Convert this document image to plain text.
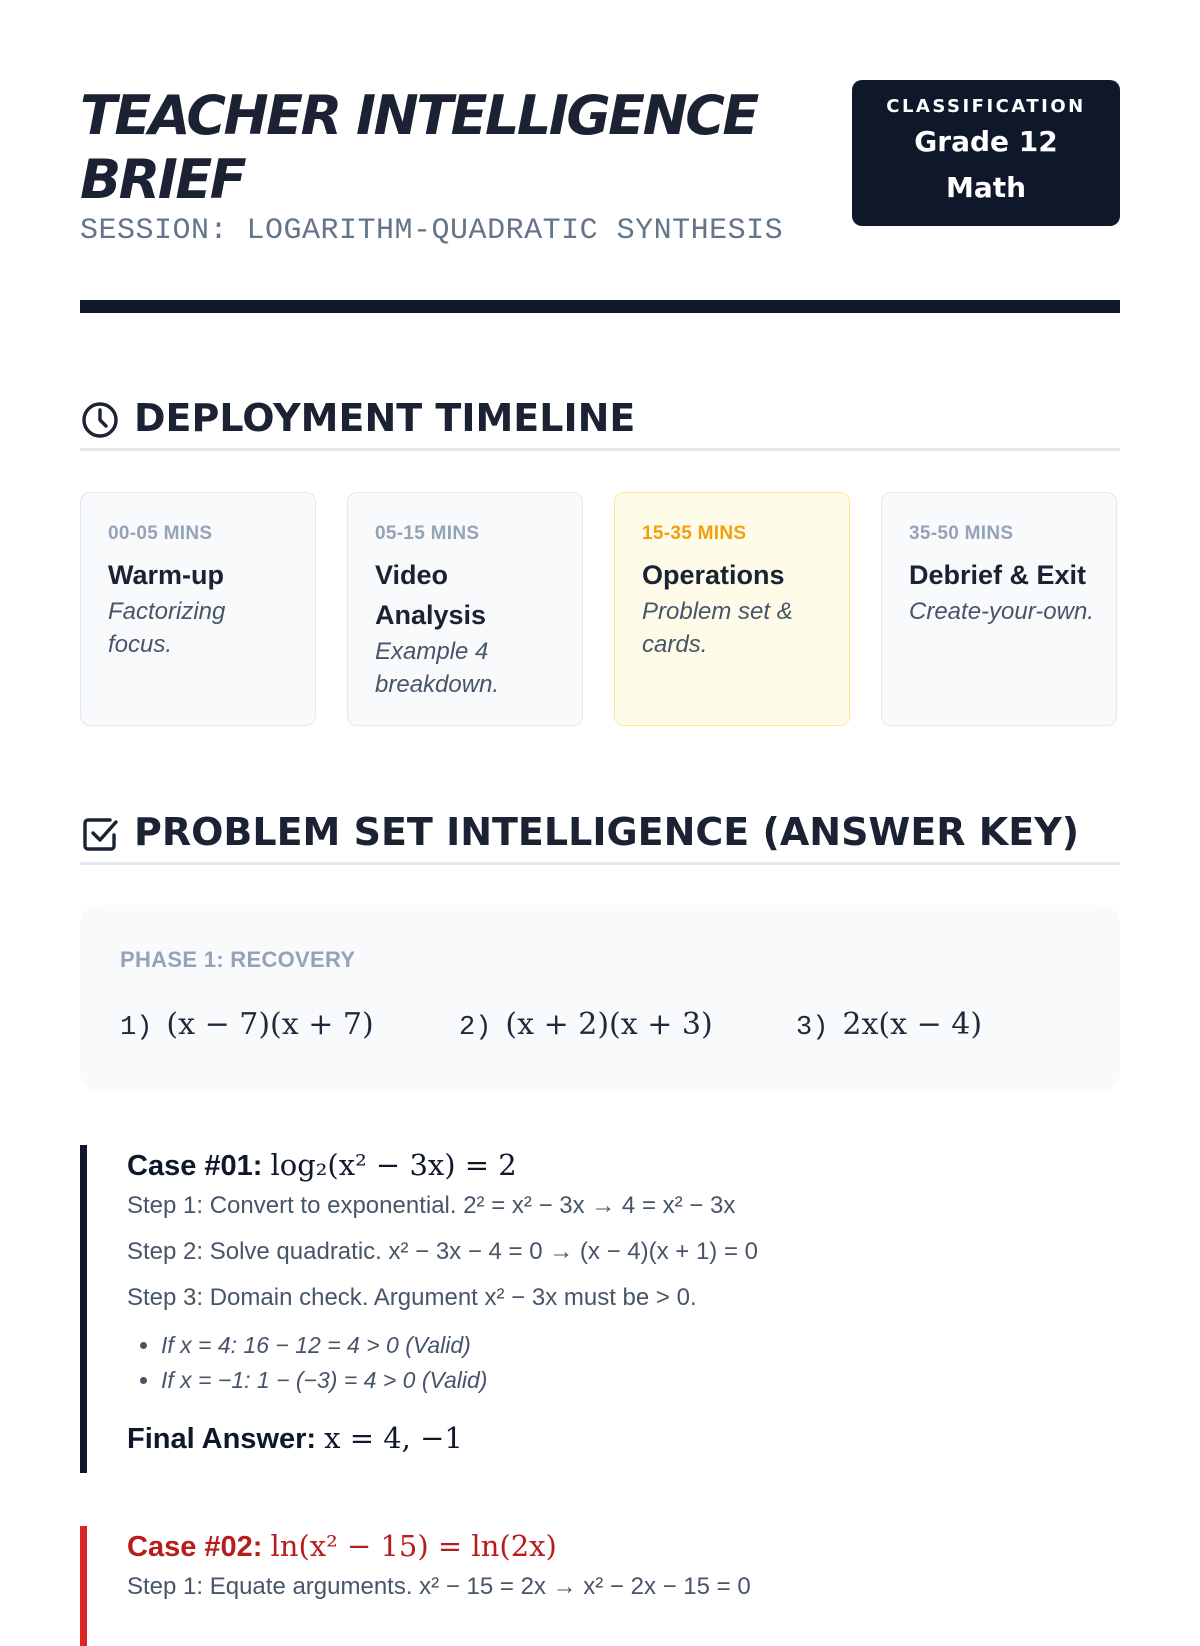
TEACHER INTELLIGENCE BRIEF
SESSION: LOGARITHM-QUADRATIC SYNTHESIS
CLASSIFICATION
Grade 12
Math
DEPLOYMENT TIMELINE
00-05 MINS
Warm-up
Factorizing focus.
05-15 MINS
Video Analysis
Example 4 breakdown.
15-35 MINS
Operations
Problem set & cards.
35-50 MINS
Debrief & Exit
Create-your-own.
PROBLEM SET INTELLIGENCE (ANSWER KEY)
PHASE 1: RECOVERY
1) (x − 7)(x + 7)	2) (x + 2)(x + 3)	3) 2x(x − 4)
Case #01: log₂(x² − 3x) = 2
Step 1: Convert to exponential. 2² = x² − 3x → 4 = x² − 3x
Step 2: Solve quadratic. x² − 3x − 4 = 0 → (x − 4)(x + 1) = 0
Step 3: Domain check. Argument x² − 3x must be > 0.
• If x = 4: 16 − 12 = 4 > 0 (Valid)
• If x = −1: 1 − (−3) = 4 > 0 (Valid)
Final Answer: x = 4, −1
Case #02: ln(x² − 15) = ln(2x)
Step 1: Equate arguments. x² − 15 = 2x → x² − 2x − 15 = 0
